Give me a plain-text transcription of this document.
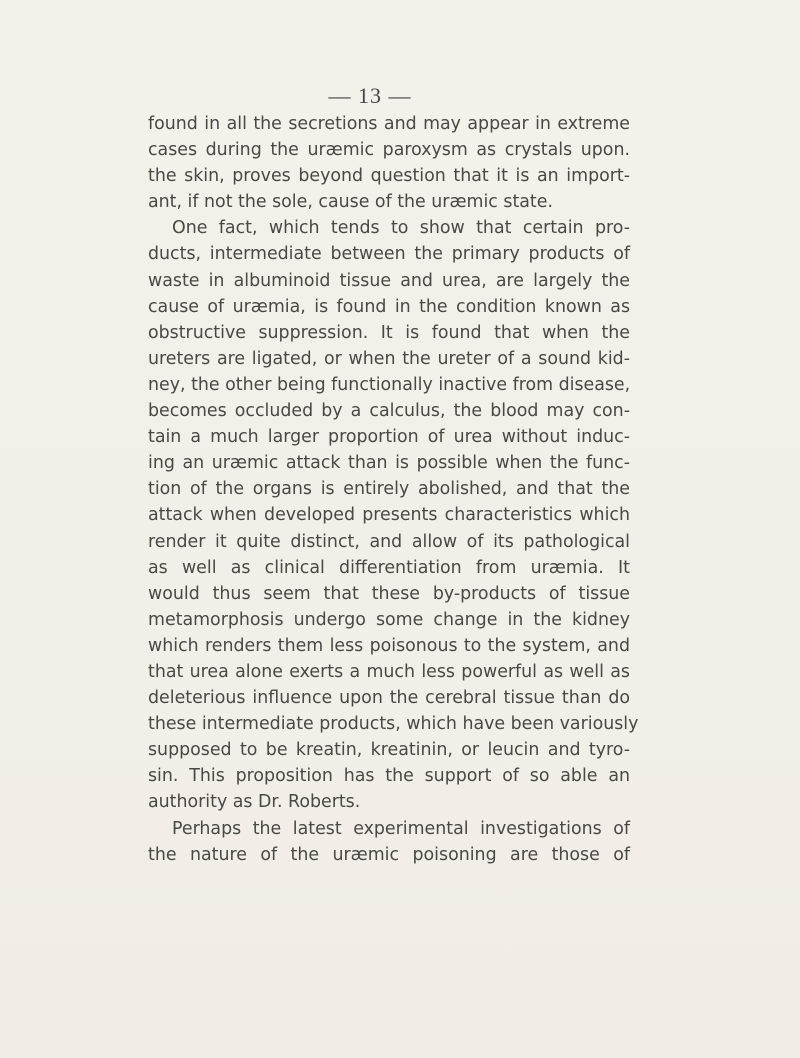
— 13 —
found in all the secretions and may appear in extreme
cases during the uræmic paroxysm as crystals upon.
the skin, proves beyond question that it is an import-
ant, if not the sole, cause of the uræmic state.
One fact, which tends to show that certain pro-
ducts, intermediate between the primary products of
waste in albuminoid tissue and urea, are largely the
cause of uræmia, is found in the condition known as
obstructive suppression. It is found that when the
ureters are ligated, or when the ureter of a sound kid-
ney, the other being functionally inactive from disease,
becomes occluded by a calculus, the blood may con-
tain a much larger proportion of urea without induc-
ing an uræmic attack than is possible when the func-
tion of the organs is entirely abolished, and that the
attack when developed presents characteristics which
render it quite distinct, and allow of its pathological
as well as clinical differentiation from uræmia. It
would thus seem that these by-products of tissue
metamorphosis undergo some change in the kidney
which renders them less poisonous to the system, and
that urea alone exerts a much less powerful as well as
deleterious influence upon the cerebral tissue than do
these intermediate products, which have been variously
supposed to be kreatin, kreatinin, or leucin and tyro-
sin. This proposition has the support of so able an
authority as Dr. Roberts.
Perhaps the latest experimental investigations of
the nature of the uræmic poisoning are those of
